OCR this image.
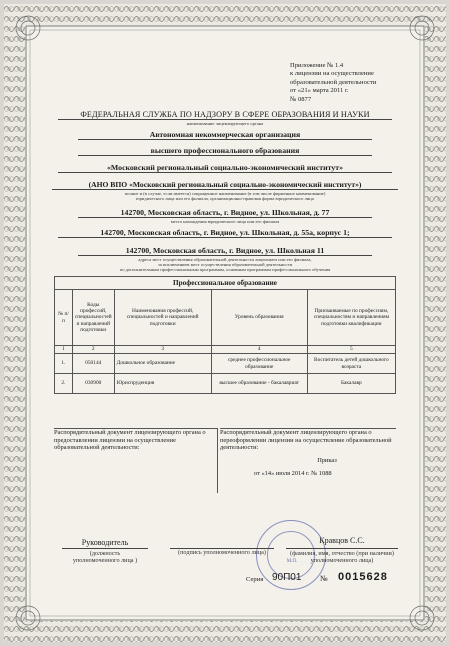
Приложение № 1.4
к лицензии на осуществление
образовательной деятельности
от «21» марта 2011 г.
№ 0877
ФЕДЕРАЛЬНАЯ СЛУЖБА ПО НАДЗОРУ В СФЕРЕ ОБРАЗОВАНИЯ И НАУКИ
наименование лицензирующего органа
Автономная некоммерческая организация
высшего профессионального образования
«Московский региональный социально-экономический институт»
(АНО ВПО «Московский региональный социально-экономический институт»)
полное и (в случае, если имеется) сокращенное наименование (в том числе фирменное наименование)
юридического лица или его филиала, организационно-правовая форма юридического лица
142700, Московская область, г. Видное, ул. Школьная, д. 77
место нахождения юридического лица или его филиала
142700, Московская область, г. Видное, ул. Школьная, д. 55а, корпус 1;
142700, Московская область, г. Видное, ул. Школьная 11
адреса мест осуществления образовательной деятельности лицензиата или его филиала,
за исключением мест осуществления образовательной деятельности
по дополнительным профессиональным программам, основным программам профессионального обучения
Профессиональное образование				
№ п/п	Коды профессий, специальностей и направлений подготовки	Наименования профессий, специальностей и направлений подготовки	Уровень образования	Присваиваемые по профессиям, специальностям и направлениям подготовки квалификации
1	2	3	4	5
1.	050144	Дошкольное образование	среднее профессиональное образование	Воспитатель детей дошкольного возраста
2.	030900	Юриспруденция	высшее образование - бакалавриат	Бакалавр
Распорядительный документ лицензирующего органа о предоставлении лицензии на осуществление образовательной деятельности:
Распорядительный документ лицензирующего органа о переоформлении лицензии на осуществление образовательной деятельности:
Приказ
от «14» июля 2014 г. № 1088
М.П.
Руководитель
(должность
уполномоченного лица )
(подпись уполномоченного лица)
Кравцов С.С.
(фамилия, имя, отчество (при наличии)
уполномоченного лица)
Серия 90П01 № 0015628
